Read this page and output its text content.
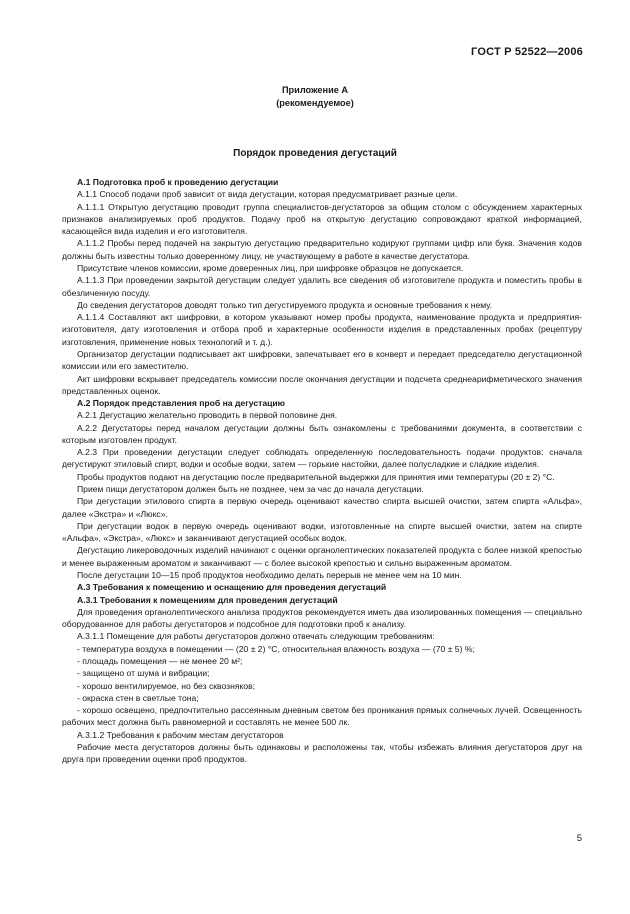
ГОСТ Р 52522—2006
Приложение А
(рекомендуемое)
Порядок проведения дегустаций

А.1 Подготовка проб к проведению дегустации

А.1.1 Способ подачи проб зависит от вида дегустации, которая предусматривает разные цели.

А.1.1.1 Открытую дегустацию проводит группа специалистов-дегустаторов за общим столом с обсуждением характерных признаков анализируемых проб продуктов. Подачу проб на открытую дегустацию сопровождают краткой информацией, касающейся вида изделия и его изготовителя.

А.1.1.2 Пробы перед подачей на закрытую дегустацию предварительно кодируют группами цифр или букв. Значения кодов должны быть известны только доверенному лицу, не участвующему в работе в качестве дегустатора.

Присутствие членов комиссии, кроме доверенных лиц, при шифровке образцов не допускается.

А.1.1.3 При проведении закрытой дегустации следует удалить все сведения об изготовителе продукта и поместить пробы в обезличенную посуду.

До сведения дегустаторов доводят только тип дегустируемого продукта и основные требования к нему.

А.1.1.4 Составляют акт шифровки, в котором указывают номер пробы продукта, наименование продукта и предприятия-изготовителя, дату изготовления и отбора проб и характерные особенности изделия в представленных пробах (рецептуру изготовления, применение новых технологий и т. д.).

Организатор дегустации подписывает акт шифровки, запечатывает его в конверт и передает председателю дегустационной комиссии или его заместителю.

Акт шифровки вскрывает председатель комиссии после окончания дегустации и подсчета среднеарифметического значения представленных оценок.

А.2 Порядок представления проб на дегустацию

А.2.1 Дегустацию желательно проводить в первой половине дня.

А.2.2 Дегустаторы перед началом дегустации должны быть ознакомлены с требованиями документа, в соответствии с которым изготовлен продукт.

А.2.3 При проведении дегустации следует соблюдать определенную последовательность подачи продуктов: сначала дегустируют этиловый спирт, водки и особые водки, затем — горькие настойки, далее полусладкие и сладкие изделия.

Пробы продуктов подают на дегустацию после предварительной выдержки для принятия ими температуры (20 ± 2) °С.

Прием пищи дегустатором должен быть не позднее, чем за час до начала дегустации.

При дегустации этилового спирта в первую очередь оценивают качество спирта высшей очистки, затем спирта «Альфа», далее «Экстра» и «Люкс».

При дегустации водок в первую очередь оценивают водки, изготовленные на спирте высшей очистки, затем на спирте «Альфа», «Экстра», «Люкс» и заканчивают дегустацией особых водок.

Дегустацию ликероводочных изделий начинают с оценки органолептических показателей продукта с более низкой крепостью и менее выраженным ароматом и заканчивают — с более высокой крепостью и сильно выраженным ароматом.

После дегустации 10—15 проб продуктов необходимо делать перерыв не менее чем на 10 мин.

А.3 Требования к помещению и оснащению для проведения дегустаций

А.3.1 Требования к помещениям для проведения дегустаций

Для проведения органолептического анализа продуктов рекомендуется иметь два изолированных помещения — специально оборудованное для работы дегустаторов и подсобное для подготовки проб к анализу.

А.3.1.1 Помещение для работы дегустаторов должно отвечать следующим требованиям:

- температура воздуха в помещении — (20 ± 2) °С, относительная влажность воздуха — (70 ± 5) %;

- площадь помещения — не менее 20 м²;

- защищено от шума и вибрации;

- хорошо вентилируемое, но без сквозняков;

- окраска стен в светлые тона;

- хорошо освещено, предпочтительно рассеянным дневным светом без проникания прямых солнечных лучей. Освещенность рабочих мест должна быть равномерной и составлять не менее 500 лк.

А.3.1.2 Требования к рабочим местам дегустаторов

Рабочие места дегустаторов должны быть одинаковы и расположены так, чтобы избежать влияния дегустаторов друг на друга при проведении оценки проб продуктов.

5
